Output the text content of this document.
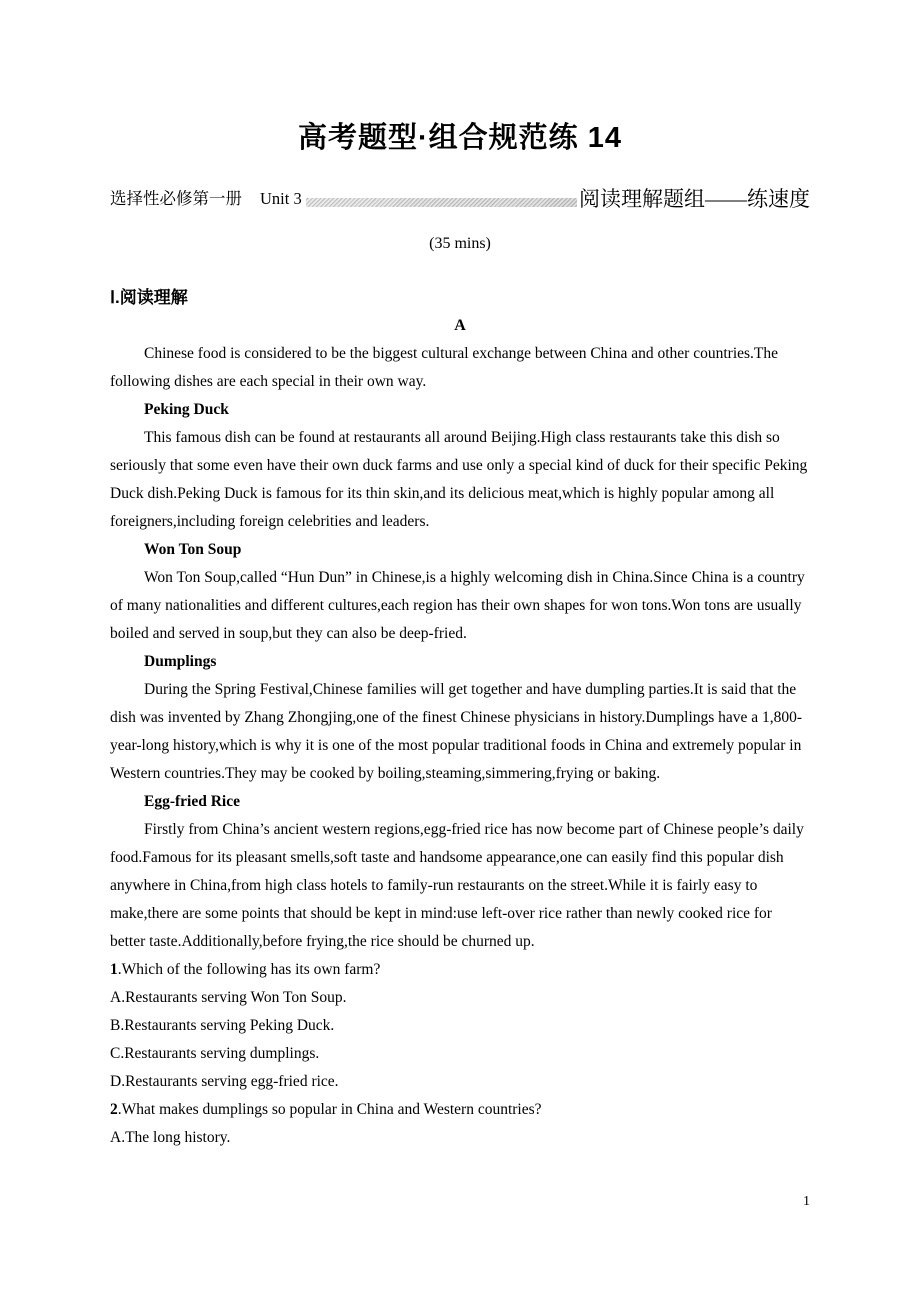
高考题型·组合规范练 14
选择性必修第一册 Unit 3	阅读理解题组——练速度
(35 mins)
Ⅰ.阅读理解
A

Chinese food is considered to be the biggest cultural exchange between China and other countries.The following dishes are each special in their own way.

Peking Duck

This famous dish can be found at restaurants all around Beijing.High class restaurants take this dish so seriously that some even have their own duck farms and use only a special kind of duck for their specific Peking Duck dish.Peking Duck is famous for its thin skin,and its delicious meat,which is highly popular among all foreigners,including foreign celebrities and leaders.

Won Ton Soup

Won Ton Soup,called “Hun Dun” in Chinese,is a highly welcoming dish in China.Since China is a country of many nationalities and different cultures,each region has their own shapes for won tons.Won tons are usually boiled and served in soup,but they can also be deep-fried.

Dumplings

During the Spring Festival,Chinese families will get together and have dumpling parties.It is said that the dish was invented by Zhang Zhongjing,one of the finest Chinese physicians in history.Dumplings have a 1,800-year-long history,which is why it is one of the most popular traditional foods in China and extremely popular in Western countries.They may be cooked by boiling,steaming,simmering,frying or baking.

Egg-fried Rice

Firstly from China’s ancient western regions,egg-fried rice has now become part of Chinese people’s daily food.Famous for its pleasant smells,soft taste and handsome appearance,one can easily find this popular dish anywhere in China,from high class hotels to family-run restaurants on the street.While it is fairly easy to make,there are some points that should be kept in mind:use left-over rice rather than newly cooked rice for better taste.Additionally,before frying,the rice should be churned up.

1.Which of the following has its own farm?

A.Restaurants serving Won Ton Soup.

B.Restaurants serving Peking Duck.

C.Restaurants serving dumplings.

D.Restaurants serving egg-fried rice.

2.What makes dumplings so popular in China and Western countries?

A.The long history.

1
